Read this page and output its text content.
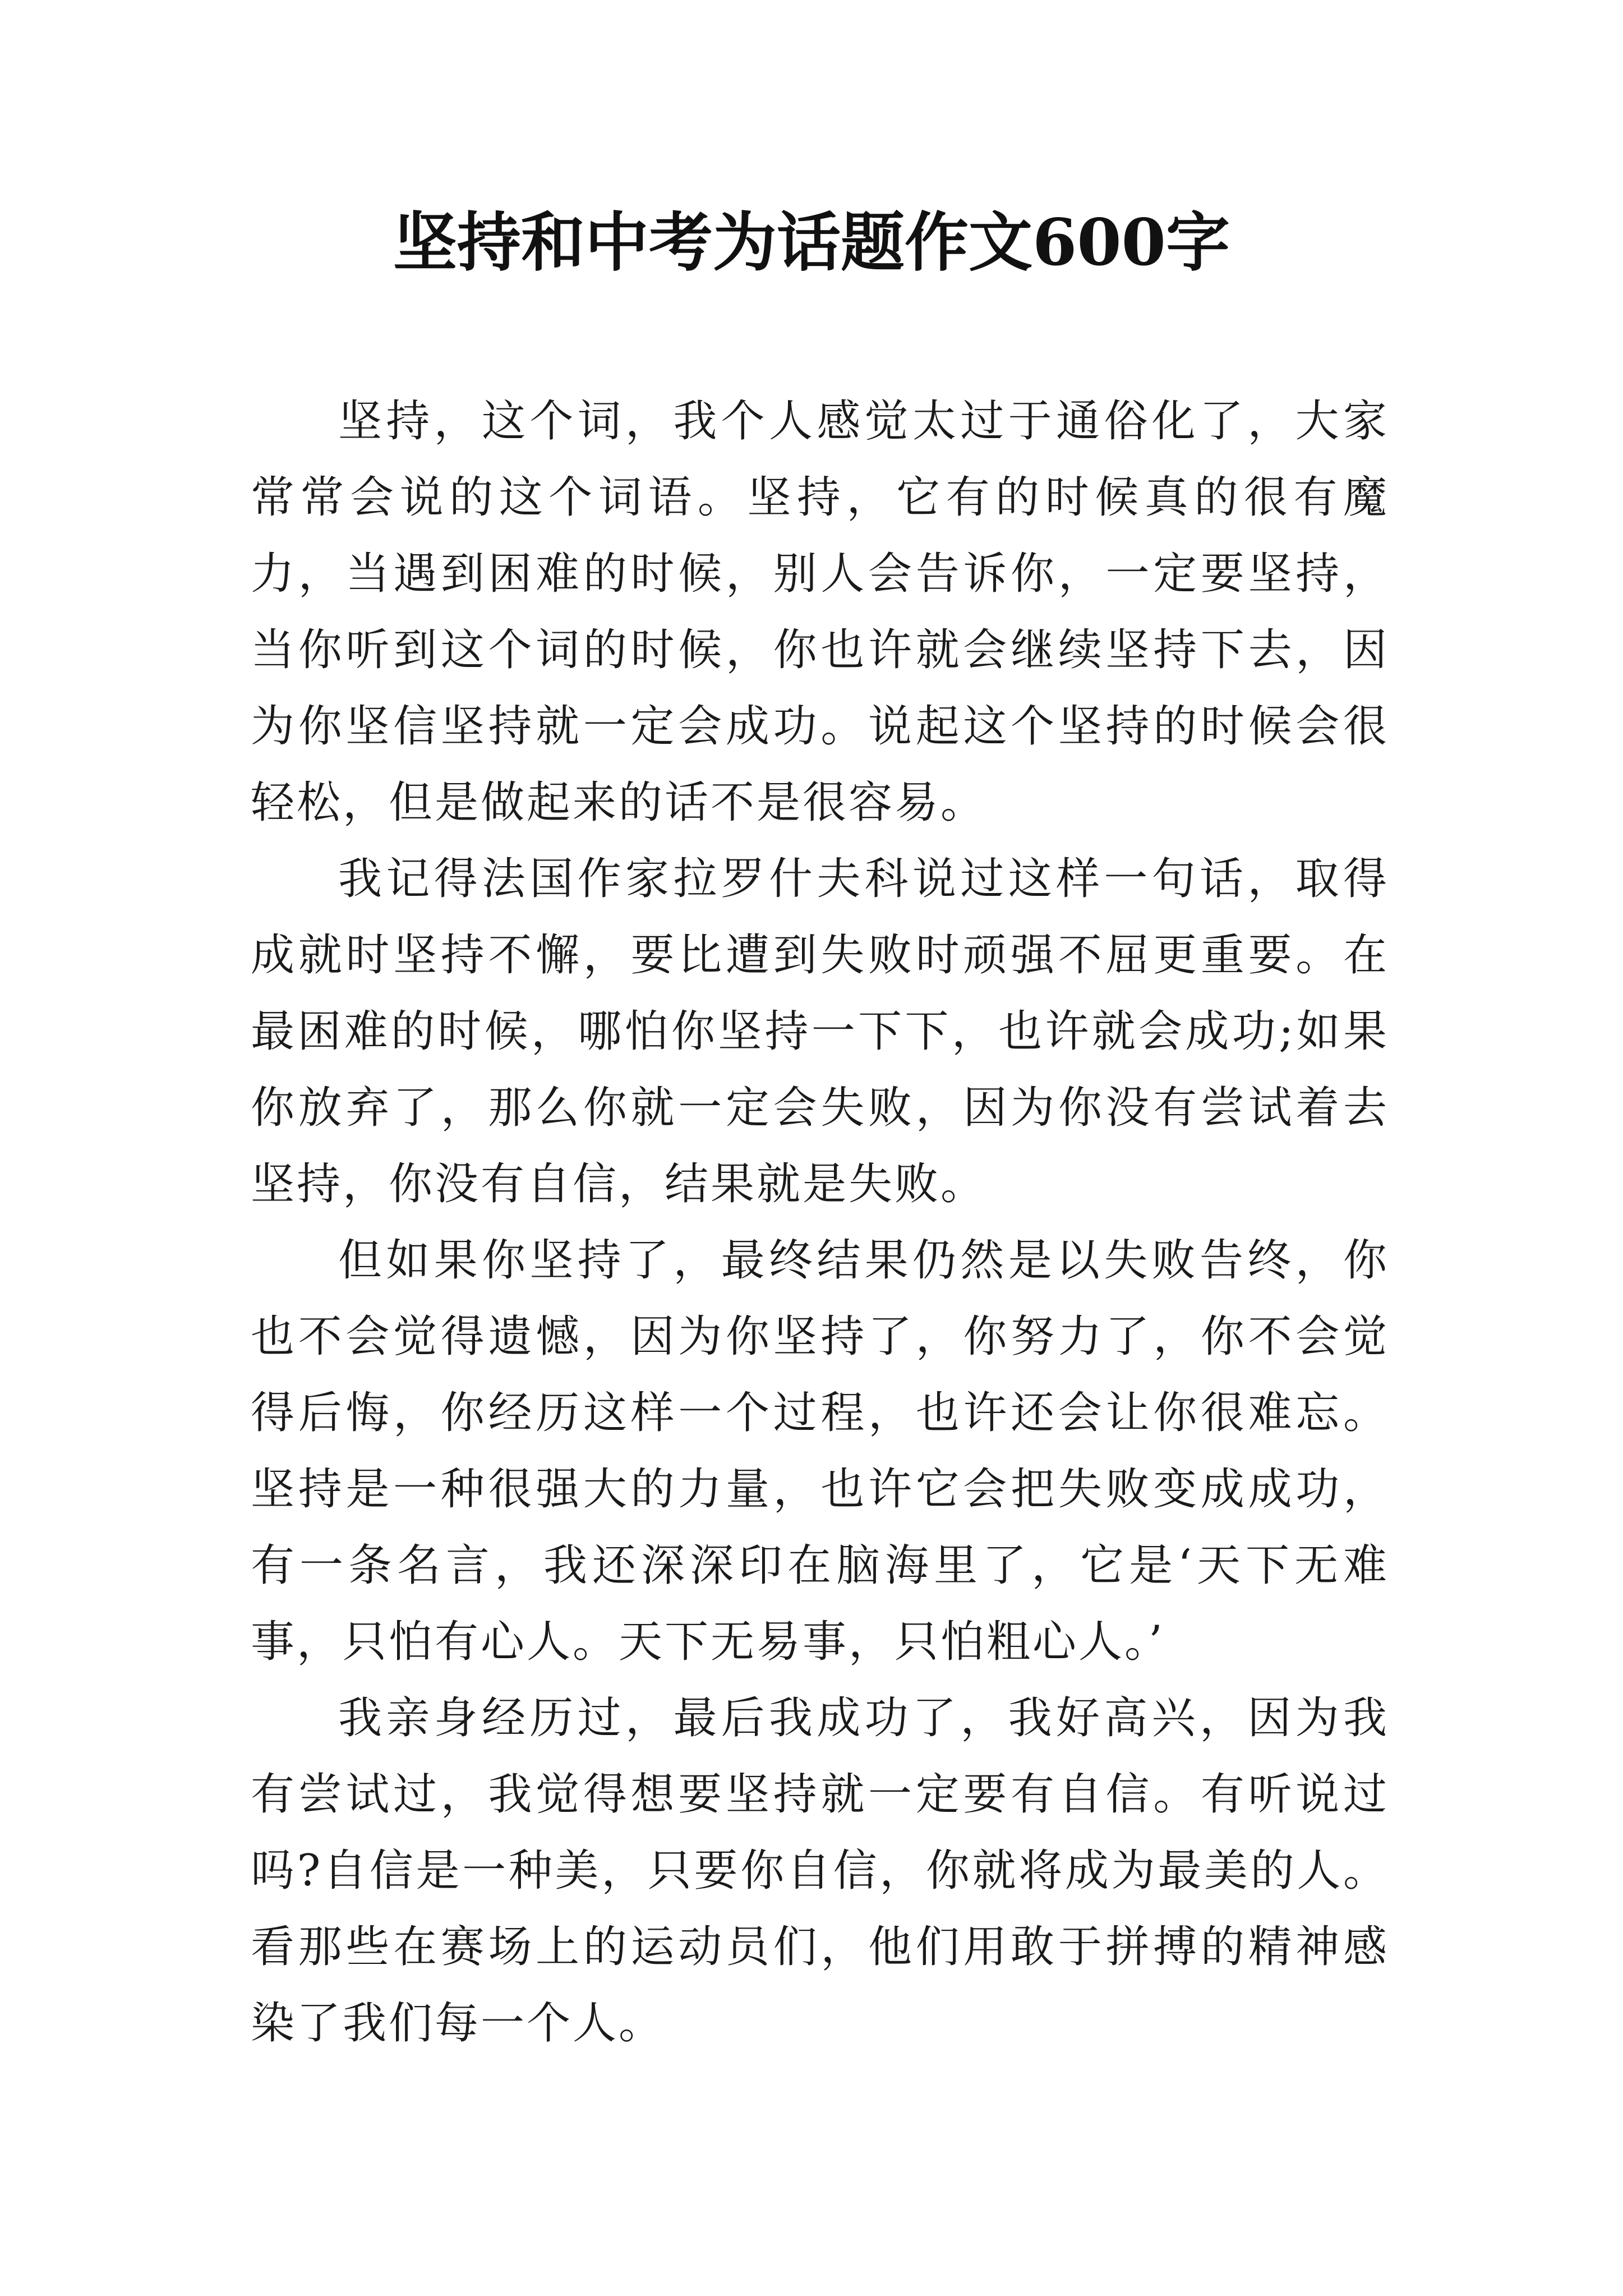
坚持和中考为话题作文600字

坚持，这个词，我个人感觉太过于通俗化了，大家常常会说的这个词语。坚持，它有的时候真的很有魔力，当遇到困难的时候，别人会告诉你，一定要坚持，当你听到这个词的时候，你也许就会继续坚持下去，因为你坚信坚持就一定会成功。说起这个坚持的时候会很轻松，但是做起来的话不是很容易。

我记得法国作家拉罗什夫科说过这样一句话，取得成就时坚持不懈，要比遭到失败时顽强不屈更重要。在最困难的时候，哪怕你坚持一下下，也许就会成功;如果你放弃了，那么你就一定会失败，因为你没有尝试着去坚持，你没有自信，结果就是失败。

但如果你坚持了，最终结果仍然是以失败告终，你也不会觉得遗憾，因为你坚持了，你努力了，你不会觉得后悔，你经历这样一个过程，也许还会让你很难忘。坚持是一种很强大的力量，也许它会把失败变成成功，有一条名言，我还深深印在脑海里了，它是‘天下无难事，只怕有心人。天下无易事，只怕粗心人。’

我亲身经历过，最后我成功了，我好高兴，因为我有尝试过，我觉得想要坚持就一定要有自信。有听说过吗?自信是一种美，只要你自信，你就将成为最美的人。看那些在赛场上的运动员们，他们用敢于拼搏的精神感染了我们每一个人。
